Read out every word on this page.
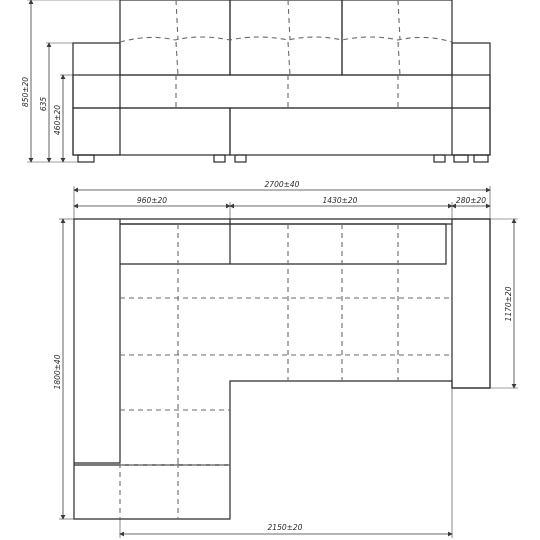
850±20 635
460±20
2700±40
960±20	1430±20	280±20
1170±20
1800±40
2150±20
